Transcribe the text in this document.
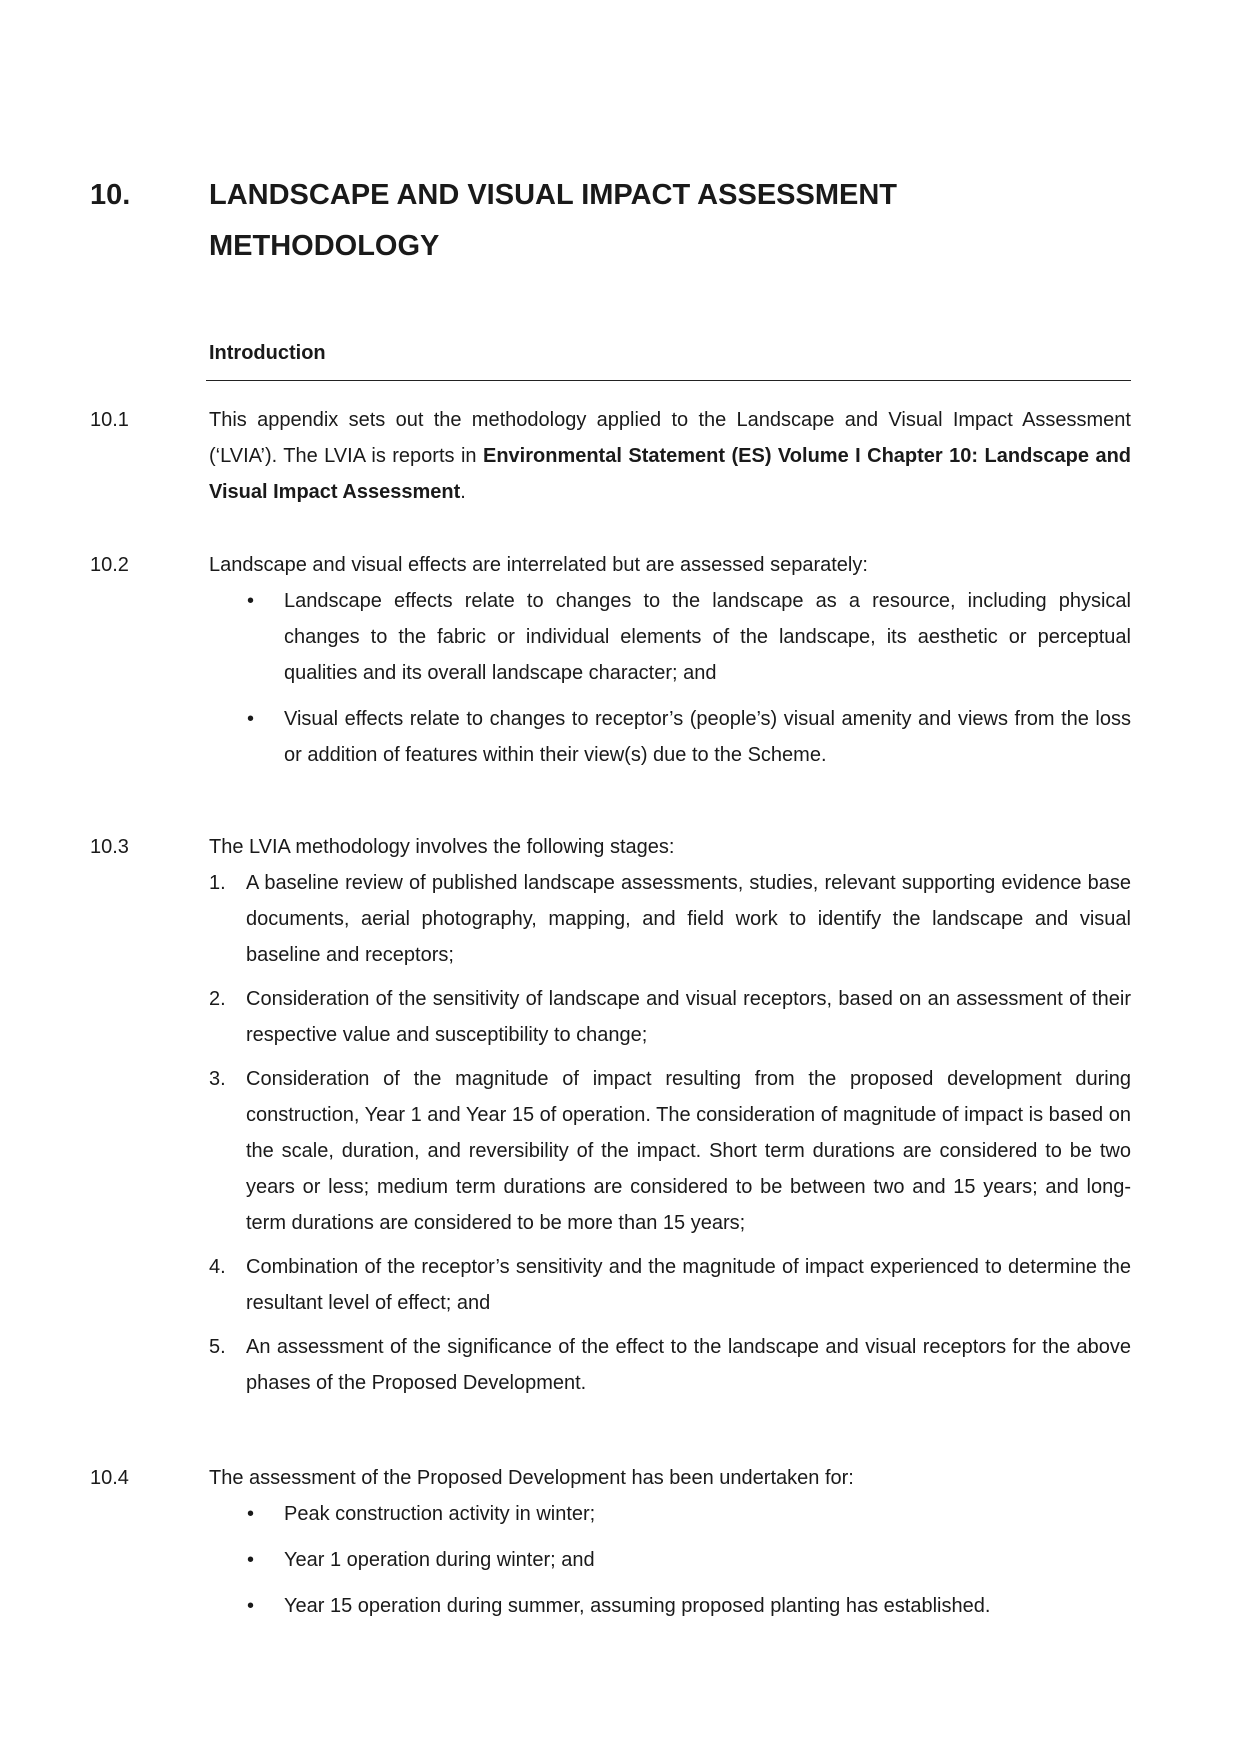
10.	LANDSCAPE AND VISUAL IMPACT ASSESSMENT
METHODOLOGY
Introduction
10.1	This appendix sets out the methodology applied to the Landscape and Visual Impact Assessment (‘LVIA’). The LVIA is reports in Environmental Statement (ES) Volume I Chapter 10: Landscape and Visual Impact Assessment.
10.2	Landscape and visual effects are interrelated but are assessed separately:
• Landscape effects relate to changes to the landscape as a resource, including physical changes to the fabric or individual elements of the landscape, its aesthetic or perceptual qualities and its overall landscape character; and
• Visual effects relate to changes to receptor’s (people’s) visual amenity and views from the loss or addition of features within their view(s) due to the Scheme.
10.3	The LVIA methodology involves the following stages:
1. A baseline review of published landscape assessments, studies, relevant supporting evidence base documents, aerial photography, mapping, and field work to identify the landscape and visual baseline and receptors;
2. Consideration of the sensitivity of landscape and visual receptors, based on an assessment of their respective value and susceptibility to change;
3. Consideration of the magnitude of impact resulting from the proposed development during construction, Year 1 and Year 15 of operation. The consideration of magnitude of impact is based on the scale, duration, and reversibility of the impact. Short term durations are considered to be two years or less; medium term durations are considered to be between two and 15 years; and long-term durations are considered to be more than 15 years;
4. Combination of the receptor’s sensitivity and the magnitude of impact experienced to determine the resultant level of effect; and
5. An assessment of the significance of the effect to the landscape and visual receptors for the above phases of the Proposed Development.
10.4	The assessment of the Proposed Development has been undertaken for:
• Peak construction activity in winter;
• Year 1 operation during winter; and
• Year 15 operation during summer, assuming proposed planting has established.
